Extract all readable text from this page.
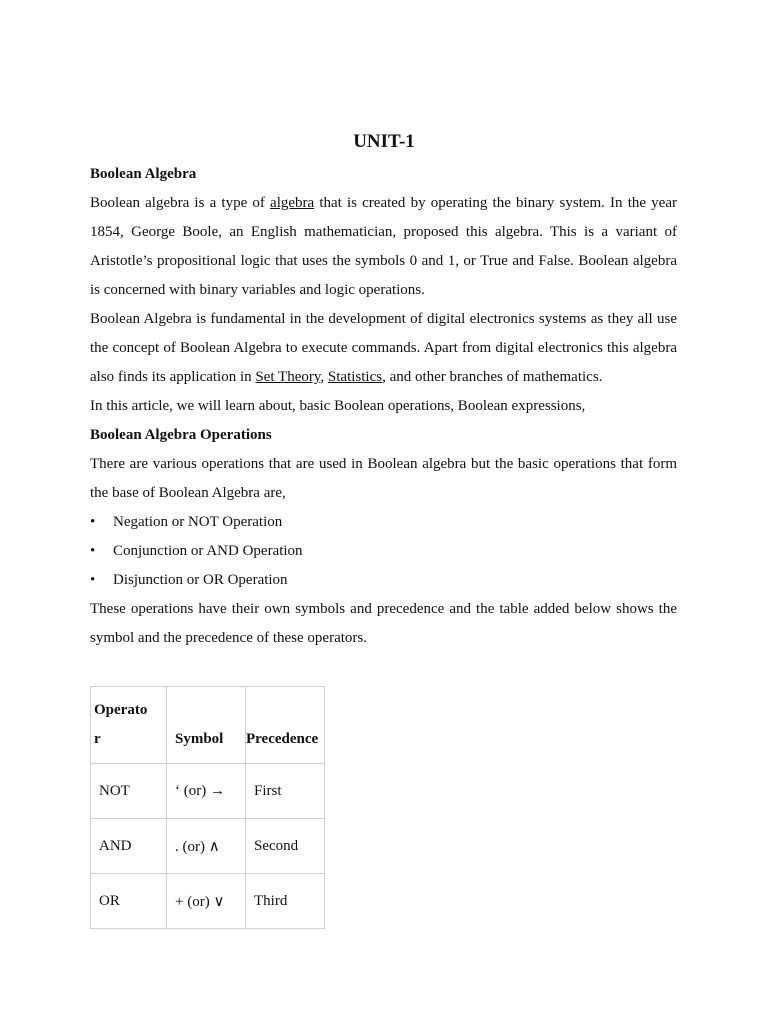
UNIT-1

Boolean Algebra

Boolean algebra is a type of algebra that is created by operating the binary system. In the year 1854, George Boole, an English mathematician, proposed this algebra. This is a variant of Aristotle’s propositional logic that uses the symbols 0 and 1, or True and False. Boolean algebra is concerned with binary variables and logic operations.

Boolean Algebra is fundamental in the development of digital electronics systems as they all use the concept of Boolean Algebra to execute commands. Apart from digital electronics this algebra also finds its application in Set Theory, Statistics, and other branches of mathematics.

In this article, we will learn about, basic Boolean operations, Boolean expressions,

Boolean Algebra Operations

There are various operations that are used in Boolean algebra but the basic operations that form the base of Boolean Algebra are,

• Negation or NOT Operation
• Conjunction or AND Operation
• Disjunction or OR Operation

These operations have their own symbols and precedence and the table added below shows the symbol and the precedence of these operators.

Operato
r	Symbol	Precedence
NOT	‘ (or) →	First
AND	. (or) ∧	Second
OR	+ (or) ∨	Third
